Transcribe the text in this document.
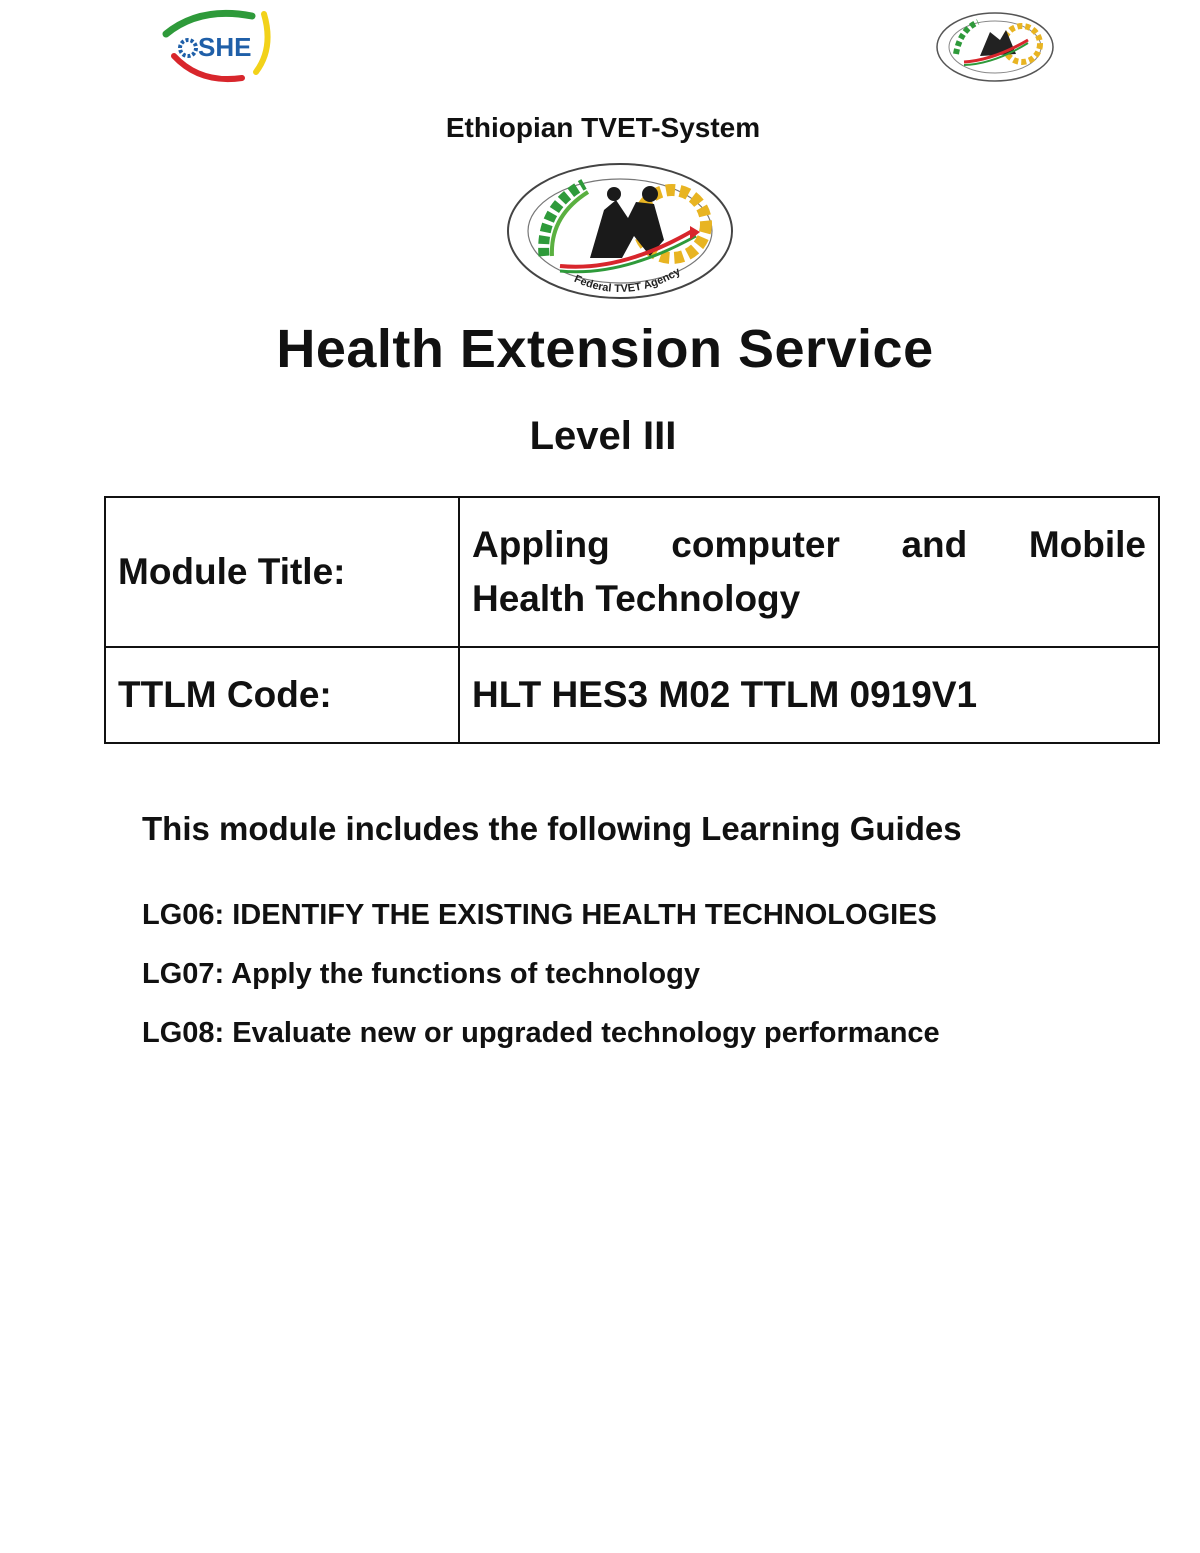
SHE
Ethiopian TVET-System
Federal TVET Agency
Health Extension Service
Level III
Module Title:	Appling computer and Mobile
Health Technology
TTLM Code:	HLT HES3 M02 TTLM 0919V1
This module includes the following Learning Guides
LG06: IDENTIFY THE EXISTING HEALTH TECHNOLOGIES
LG07: Apply the functions of technology
LG08: Evaluate new or upgraded technology performance
